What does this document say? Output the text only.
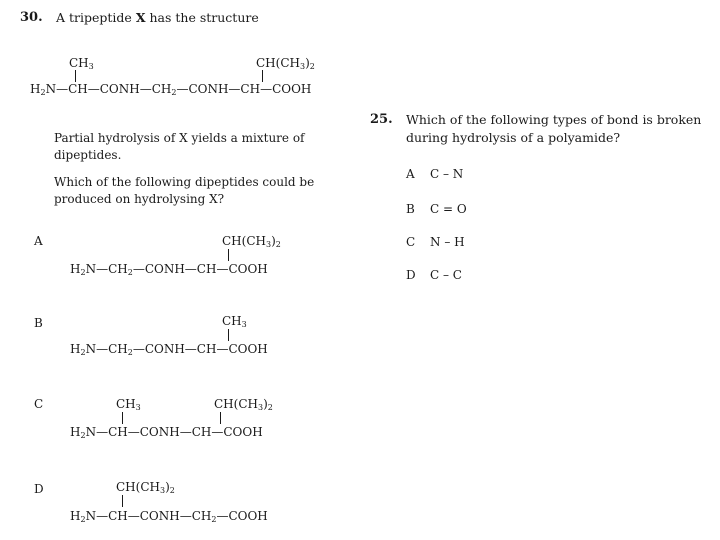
30. A tripeptide X has the structure
$CH_3$	$CH(CH_3)_2$
$H_2N—CH—CONH—CH_2—CONH—CH—COOH$
Partial hydrolysis of X yields a mixture of dipeptides.
Which of the following dipeptides could be produced on hydrolysing X?
A	$CH(CH_3)_2$
$H_2N—CH_2—CONH—CH—COOH$
B	$CH_3$
$H_2N—CH_2—CONH—CH—COOH$
C	$CH_3$	$CH(CH_3)_2$
$H_2N—CH—CONH—CH—COOH$
D	$CH(CH_3)_2$
$H_2N—CH—CONH—CH_2—COOH$
25. Which of the following types of bond is broken during hydrolysis of a polyamide?
A C – N
B C = O
C N – H
D C – C
